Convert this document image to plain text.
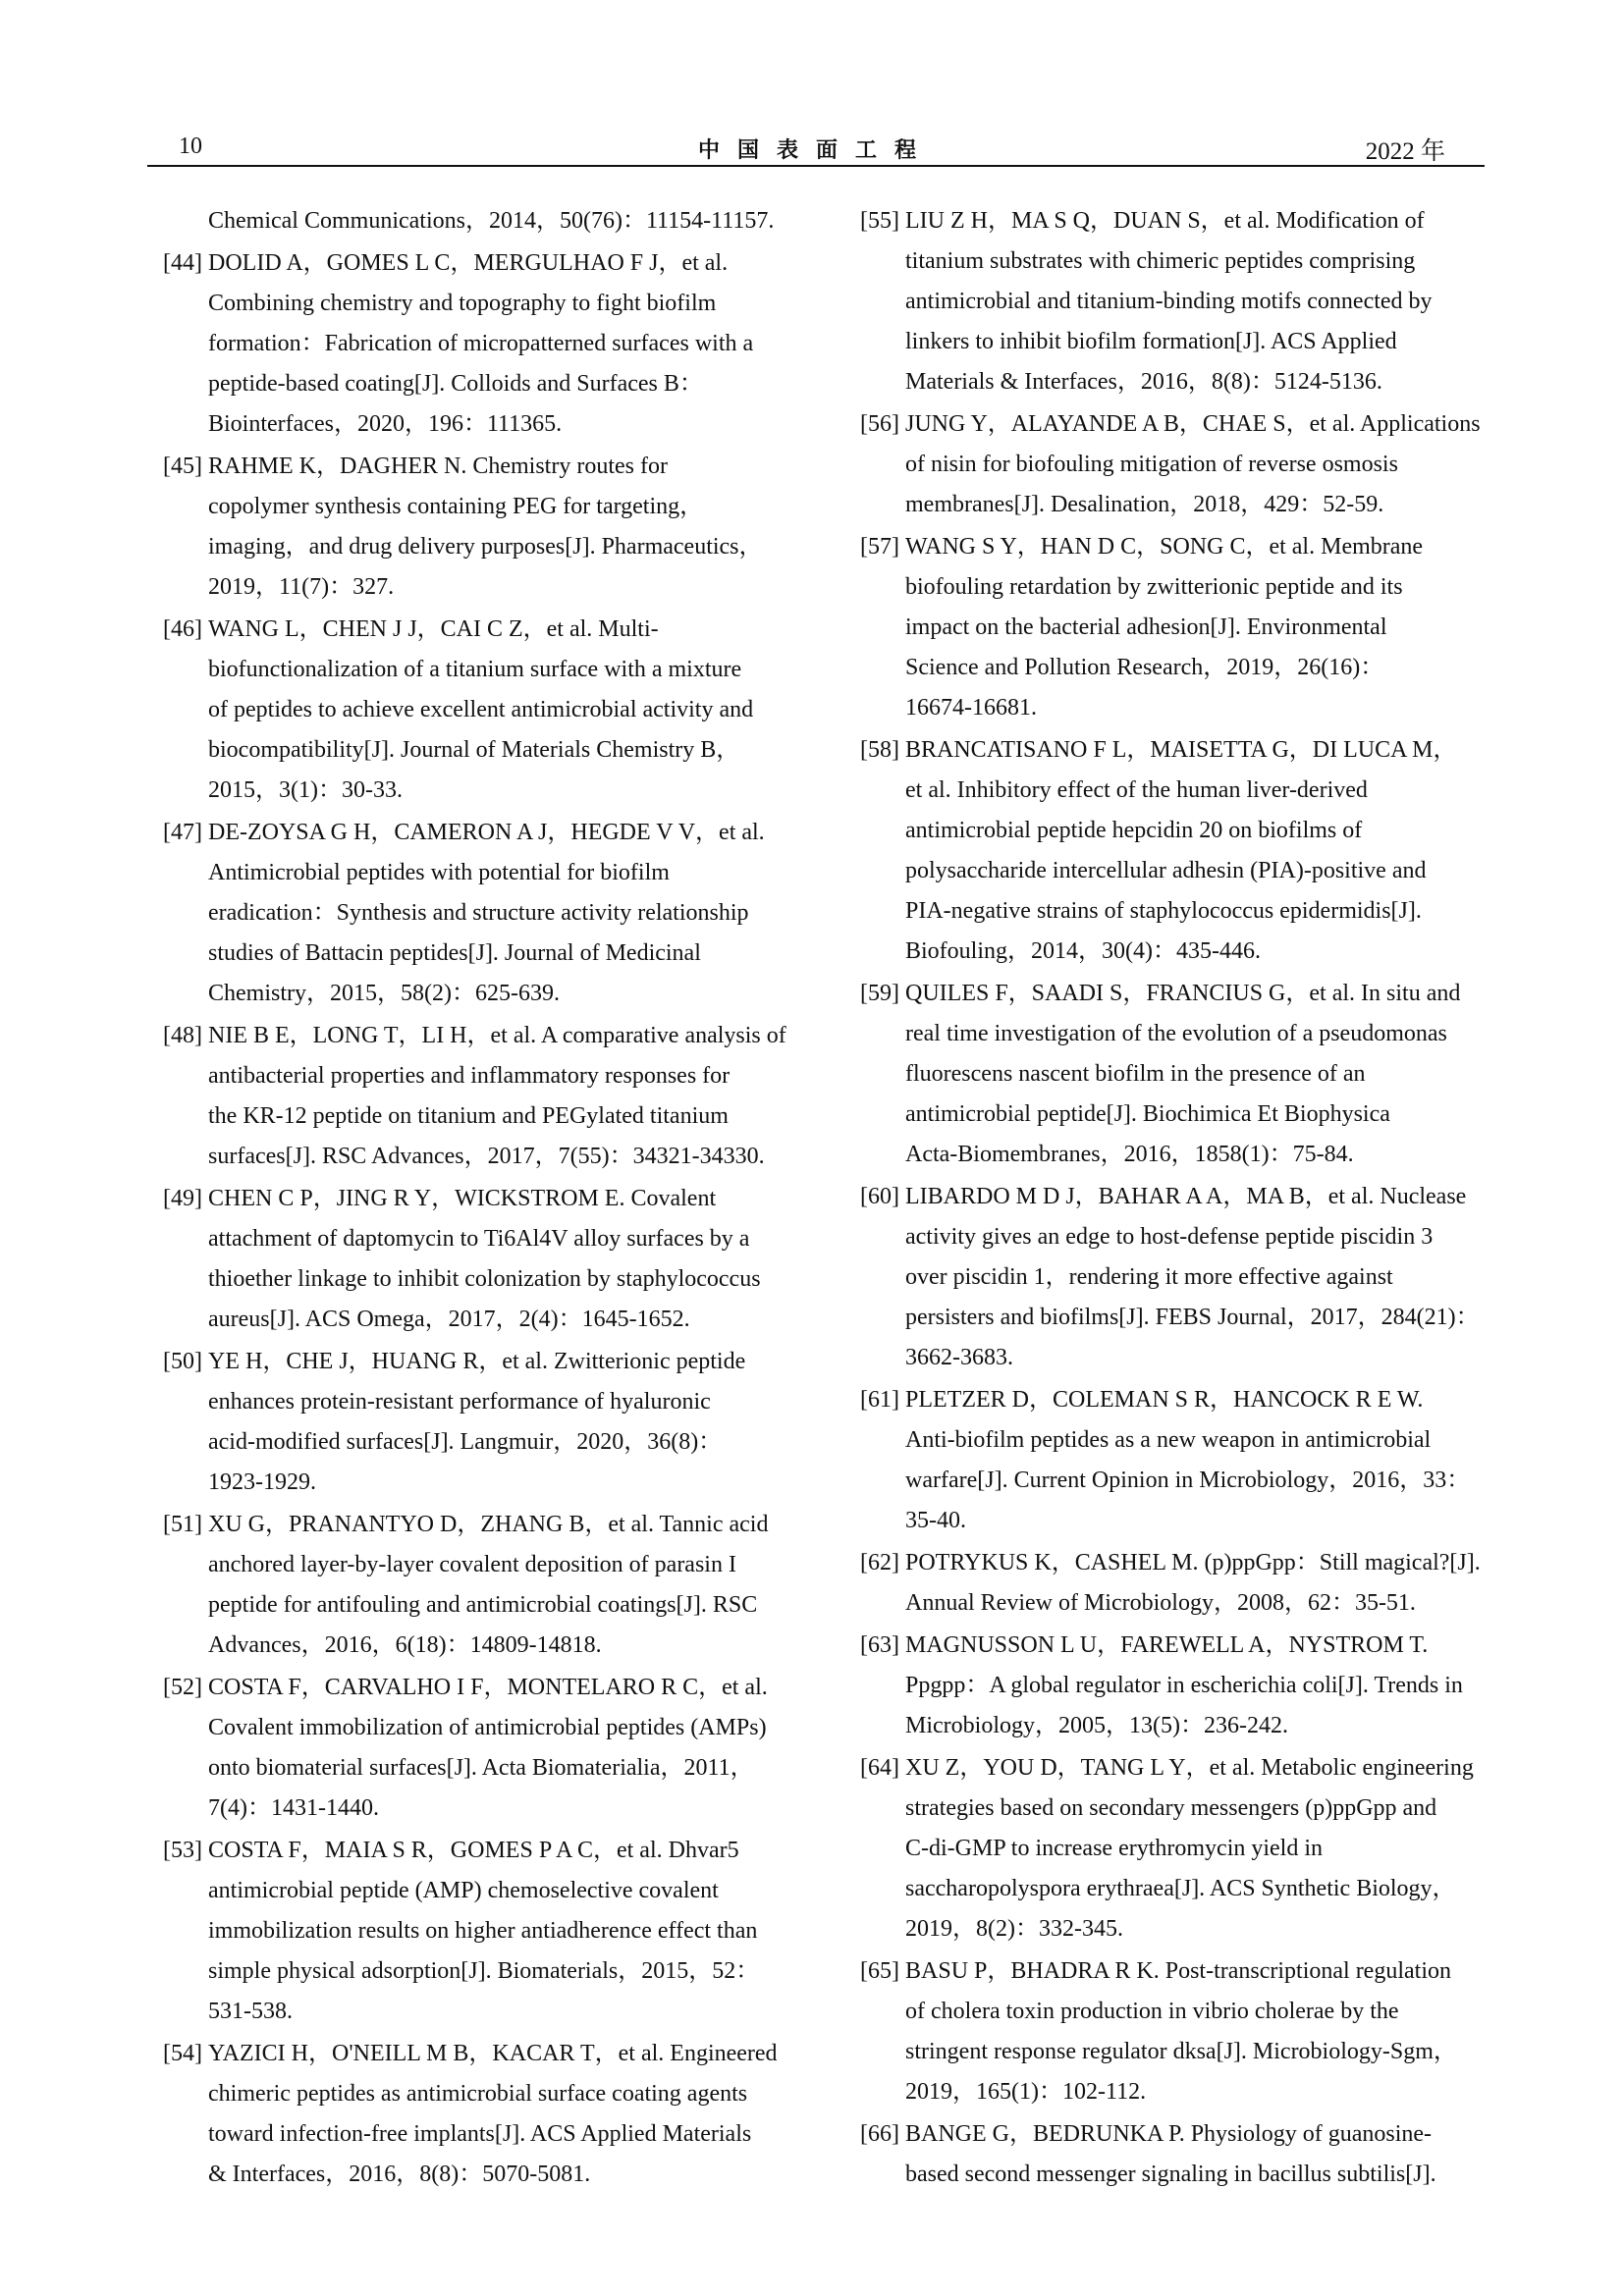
10	中国表面工程	2022 年
Chemical Communications，2014，50(76)：11154-11157.
[44] DOLID A，GOMES L C，MERGULHAO F J，et al.
Combining chemistry and topography to fight biofilm
formation：Fabrication of micropatterned surfaces with a
peptide-based coating[J]. Colloids and Surfaces B：
Biointerfaces，2020，196：111365.
[45] RAHME K，DAGHER N. Chemistry routes for
copolymer synthesis containing PEG for targeting，
imaging，and drug delivery purposes[J]. Pharmaceutics，
2019，11(7)：327.
[46] WANG L，CHEN J J，CAI C Z，et al. Multi-
biofunctionalization of a titanium surface with a mixture
of peptides to achieve excellent antimicrobial activity and
biocompatibility[J]. Journal of Materials Chemistry B，
2015，3(1)：30-33.
[47] DE-ZOYSA G H，CAMERON A J，HEGDE V V，et al.
Antimicrobial peptides with potential for biofilm
eradication：Synthesis and structure activity relationship
studies of Battacin peptides[J]. Journal of Medicinal
Chemistry，2015，58(2)：625-639.
[48] NIE B E，LONG T，LI H，et al. A comparative analysis of
antibacterial properties and inflammatory responses for
the KR-12 peptide on titanium and PEGylated titanium
surfaces[J]. RSC Advances，2017，7(55)：34321-34330.
[49] CHEN C P，JING R Y，WICKSTROM E. Covalent
attachment of daptomycin to Ti6Al4V alloy surfaces by a
thioether linkage to inhibit colonization by staphylococcus
aureus[J]. ACS Omega，2017，2(4)：1645-1652.
[50] YE H，CHE J，HUANG R，et al. Zwitterionic peptide
enhances protein-resistant performance of hyaluronic
acid-modified surfaces[J]. Langmuir，2020，36(8)：
1923-1929.
[51] XU G，PRANANTYO D，ZHANG B，et al. Tannic acid
anchored layer-by-layer covalent deposition of parasin I
peptide for antifouling and antimicrobial coatings[J]. RSC
Advances，2016，6(18)：14809-14818.
[52] COSTA F，CARVALHO I F，MONTELARO R C，et al.
Covalent immobilization of antimicrobial peptides (AMPs)
onto biomaterial surfaces[J]. Acta Biomaterialia，2011，
7(4)：1431-1440.
[53] COSTA F，MAIA S R，GOMES P A C，et al. Dhvar5
antimicrobial peptide (AMP) chemoselective covalent
immobilization results on higher antiadherence effect than
simple physical adsorption[J]. Biomaterials，2015，52：
531-538.
[54] YAZICI H，O'NEILL M B，KACAR T，et al. Engineered
chimeric peptides as antimicrobial surface coating agents
toward infection-free implants[J]. ACS Applied Materials
& Interfaces，2016，8(8)：5070-5081.
[55] LIU Z H，MA S Q，DUAN S，et al. Modification of
titanium substrates with chimeric peptides comprising
antimicrobial and titanium-binding motifs connected by
linkers to inhibit biofilm formation[J]. ACS Applied
Materials & Interfaces，2016，8(8)：5124-5136.
[56] JUNG Y，ALAYANDE A B，CHAE S，et al. Applications
of nisin for biofouling mitigation of reverse osmosis
membranes[J]. Desalination，2018，429：52-59.
[57] WANG S Y，HAN D C，SONG C，et al. Membrane
biofouling retardation by zwitterionic peptide and its
impact on the bacterial adhesion[J]. Environmental
Science and Pollution Research，2019，26(16)：
16674-16681.
[58] BRANCATISANO F L，MAISETTA G，DI LUCA M，
et al. Inhibitory effect of the human liver-derived
antimicrobial peptide hepcidin 20 on biofilms of
polysaccharide intercellular adhesin (PIA)-positive and
PIA-negative strains of staphylococcus epidermidis[J].
Biofouling，2014，30(4)：435-446.
[59] QUILES F，SAADI S，FRANCIUS G，et al. In situ and
real time investigation of the evolution of a pseudomonas
fluorescens nascent biofilm in the presence of an
antimicrobial peptide[J]. Biochimica Et Biophysica
Acta-Biomembranes，2016，1858(1)：75-84.
[60] LIBARDO M D J，BAHAR A A，MA B，et al. Nuclease
activity gives an edge to host-defense peptide piscidin 3
over piscidin 1，rendering it more effective against
persisters and biofilms[J]. FEBS Journal，2017，284(21)：
3662-3683.
[61] PLETZER D，COLEMAN S R，HANCOCK R E W.
Anti-biofilm peptides as a new weapon in antimicrobial
warfare[J]. Current Opinion in Microbiology，2016，33：
35-40.
[62] POTRYKUS K，CASHEL M. (p)ppGpp：Still magical?[J].
Annual Review of Microbiology，2008，62：35-51.
[63] MAGNUSSON L U，FAREWELL A，NYSTROM T.
Ppgpp：A global regulator in escherichia coli[J]. Trends in
Microbiology，2005，13(5)：236-242.
[64] XU Z，YOU D，TANG L Y，et al. Metabolic engineering
strategies based on secondary messengers (p)ppGpp and
C-di-GMP to increase erythromycin yield in
saccharopolyspora erythraea[J]. ACS Synthetic Biology，
2019，8(2)：332-345.
[65] BASU P，BHADRA R K. Post-transcriptional regulation
of cholera toxin production in vibrio cholerae by the
stringent response regulator dksa[J]. Microbiology-Sgm，
2019，165(1)：102-112.
[66] BANGE G，BEDRUNKA P. Physiology of guanosine-
based second messenger signaling in bacillus subtilis[J].
